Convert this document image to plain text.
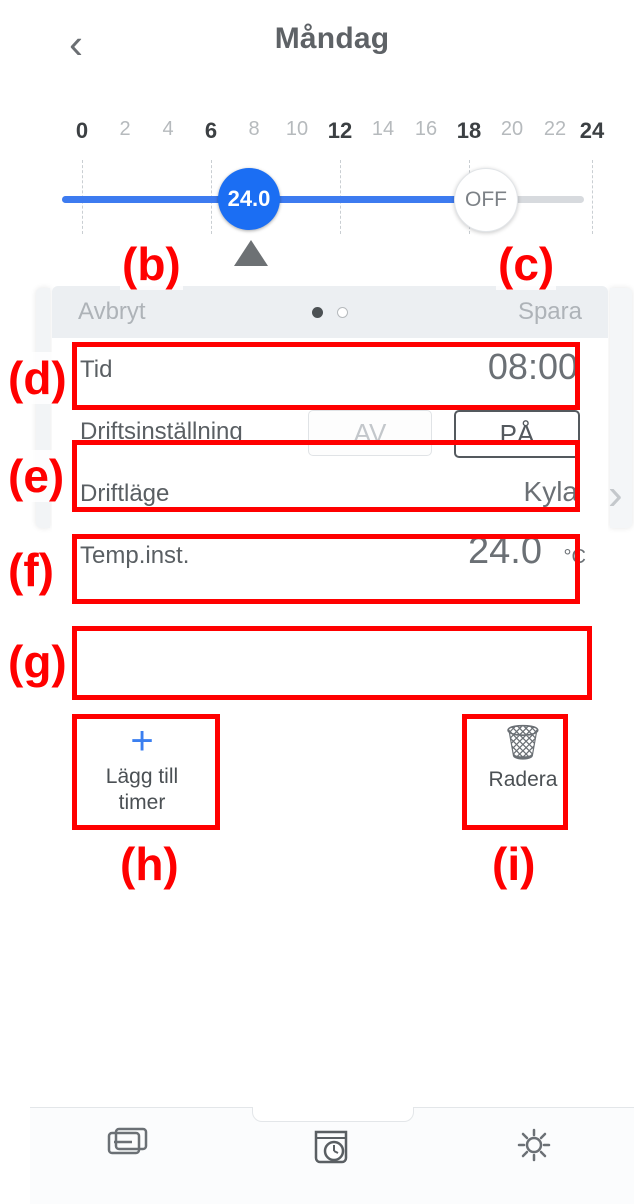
‹	Måndag
0 2 4 6 8 10 12 14 16 18 20 22 24
24.0	OFF
›
Avbryt
	Spara
Tid	08:00
Driftsinställning	AV	PÅ
Driftläge	Kyla
Temp.inst.	24.0 °C
+
Lägg till
timer
🗑
Radera
(b)	(c)
(d)
(e)
(f)
(g)
(h)	(i)
